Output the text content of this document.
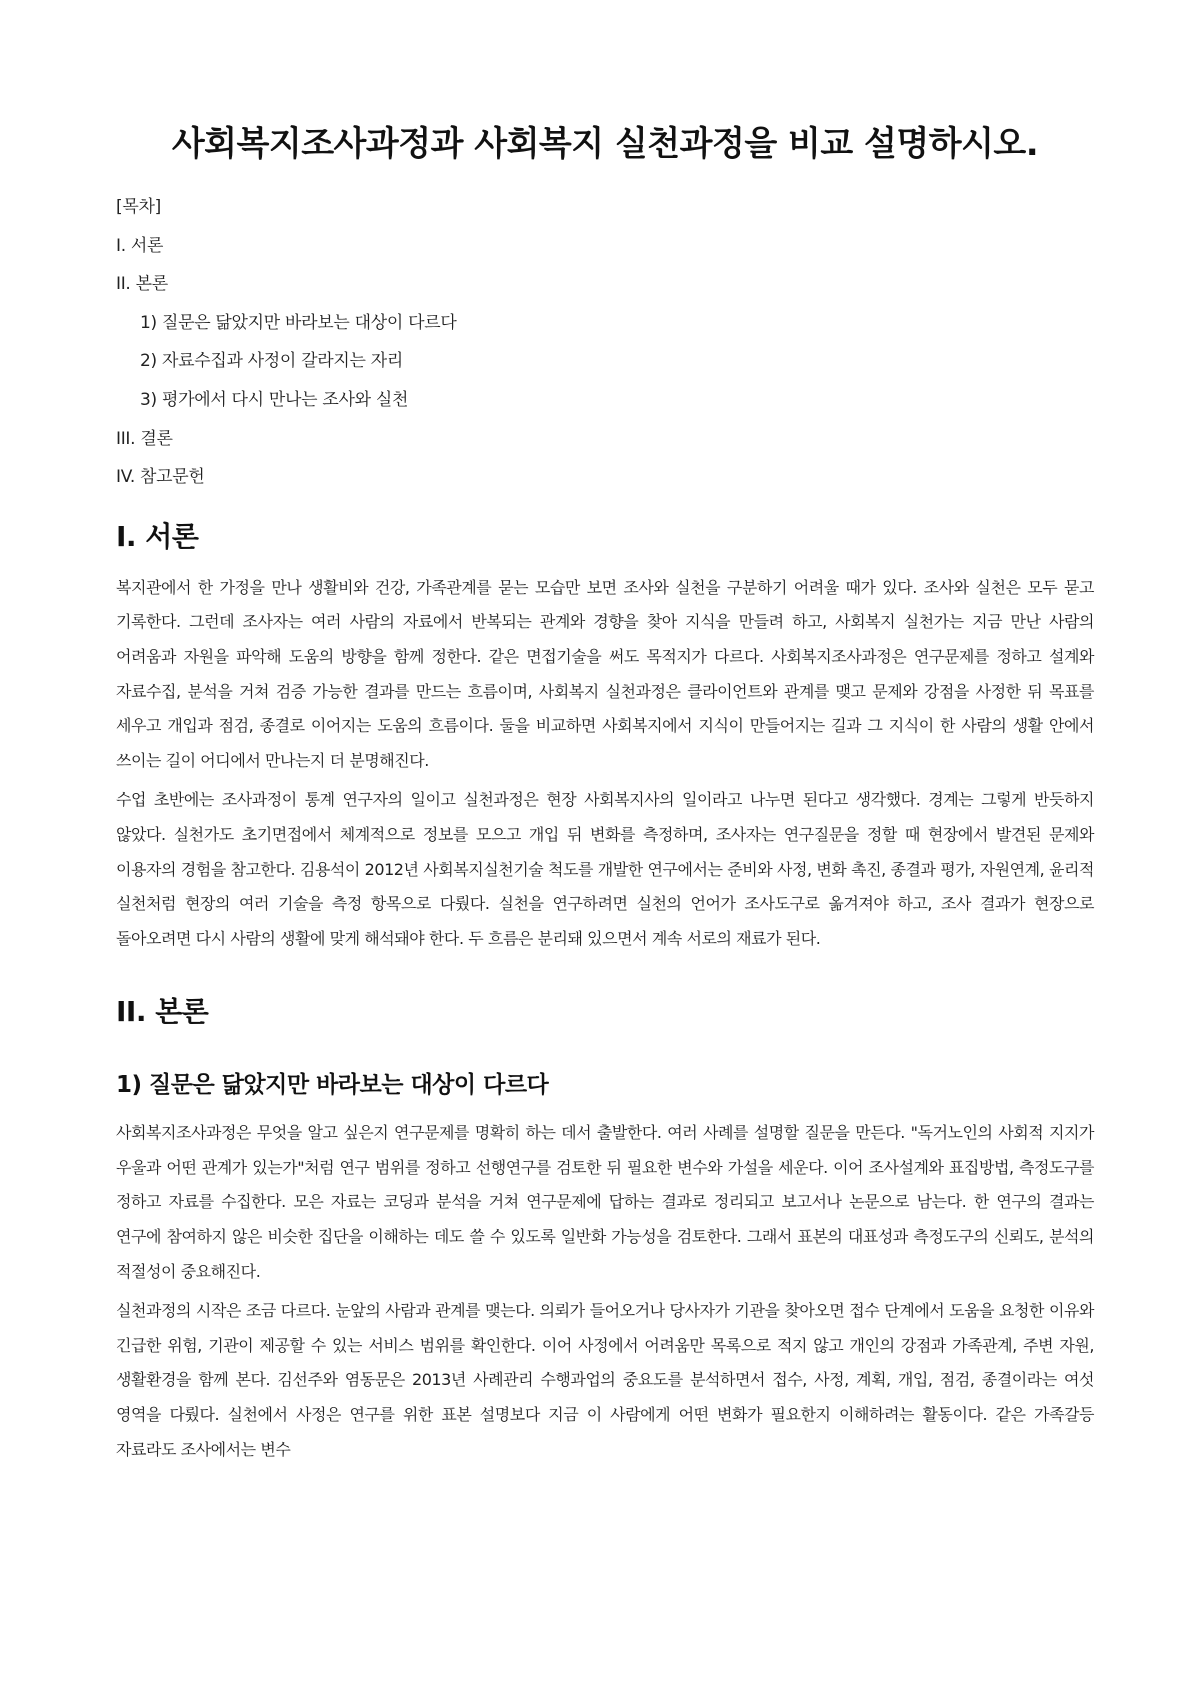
사회복지조사과정과 사회복지 실천과정을 비교 설명하시오.
[목차]
I. 서론
II. 본론
1) 질문은 닮았지만 바라보는 대상이 다르다
2) 자료수집과 사정이 갈라지는 자리
3) 평가에서 다시 만나는 조사와 실천
III. 결론
IV. 참고문헌
I. 서론

복지관에서 한 가정을 만나 생활비와 건강, 가족관계를 묻는 모습만 보면 조사와 실천을 구분하기 어려울 때가 있다. 조사와 실천은 모두 묻고 기록한다. 그런데 조사자는 여러 사람의 자료에서 반복되는 관계와 경향을 찾아 지식을 만들려 하고, 사회복지 실천가는 지금 만난 사람의 어려움과 자원을 파악해 도움의 방향을 함께 정한다. 같은 면접기술을 써도 목적지가 다르다. 사회복지조사과정은 연구문제를 정하고 설계와 자료수집, 분석을 거쳐 검증 가능한 결과를 만드는 흐름이며, 사회복지 실천과정은 클라이언트와 관계를 맺고 문제와 강점을 사정한 뒤 목표를 세우고 개입과 점검, 종결로 이어지는 도움의 흐름이다. 둘을 비교하면 사회복지에서 지식이 만들어지는 길과 그 지식이 한 사람의 생활 안에서 쓰이는 길이 어디에서 만나는지 더 분명해진다.

수업 초반에는 조사과정이 통계 연구자의 일이고 실천과정은 현장 사회복지사의 일이라고 나누면 된다고 생각했다. 경계는 그렇게 반듯하지 않았다. 실천가도 초기면접에서 체계적으로 정보를 모으고 개입 뒤 변화를 측정하며, 조사자는 연구질문을 정할 때 현장에서 발견된 문제와 이용자의 경험을 참고한다. 김용석이 2012년 사회복지실천기술 척도를 개발한 연구에서는 준비와 사정, 변화 촉진, 종결과 평가, 자원연계, 윤리적 실천처럼 현장의 여러 기술을 측정 항목으로 다뤘다. 실천을 연구하려면 실천의 언어가 조사도구로 옮겨져야 하고, 조사 결과가 현장으로 돌아오려면 다시 사람의 생활에 맞게 해석돼야 한다. 두 흐름은 분리돼 있으면서 계속 서로의 재료가 된다.

II. 본론
1) 질문은 닮았지만 바라보는 대상이 다르다

사회복지조사과정은 무엇을 알고 싶은지 연구문제를 명확히 하는 데서 출발한다. 여러 사례를 설명할 질문을 만든다. "독거노인의 사회적 지지가 우울과 어떤 관계가 있는가"처럼 연구 범위를 정하고 선행연구를 검토한 뒤 필요한 변수와 가설을 세운다. 이어 조사설계와 표집방법, 측정도구를 정하고 자료를 수집한다. 모은 자료는 코딩과 분석을 거쳐 연구문제에 답하는 결과로 정리되고 보고서나 논문으로 남는다. 한 연구의 결과는 연구에 참여하지 않은 비슷한 집단을 이해하는 데도 쓸 수 있도록 일반화 가능성을 검토한다. 그래서 표본의 대표성과 측정도구의 신뢰도, 분석의 적절성이 중요해진다.

실천과정의 시작은 조금 다르다. 눈앞의 사람과 관계를 맺는다. 의뢰가 들어오거나 당사자가 기관을 찾아오면 접수 단계에서 도움을 요청한 이유와 긴급한 위험, 기관이 제공할 수 있는 서비스 범위를 확인한다. 이어 사정에서 어려움만 목록으로 적지 않고 개인의 강점과 가족관계, 주변 자원, 생활환경을 함께 본다. 김선주와 염동문은 2013년 사례관리 수행과업의 중요도를 분석하면서 접수, 사정, 계획, 개입, 점검, 종결이라는 여섯 영역을 다뤘다. 실천에서 사정은 연구를 위한 표본 설명보다 지금 이 사람에게 어떤 변화가 필요한지 이해하려는 활동이다. 같은 가족갈등 자료라도 조사에서는 변수
